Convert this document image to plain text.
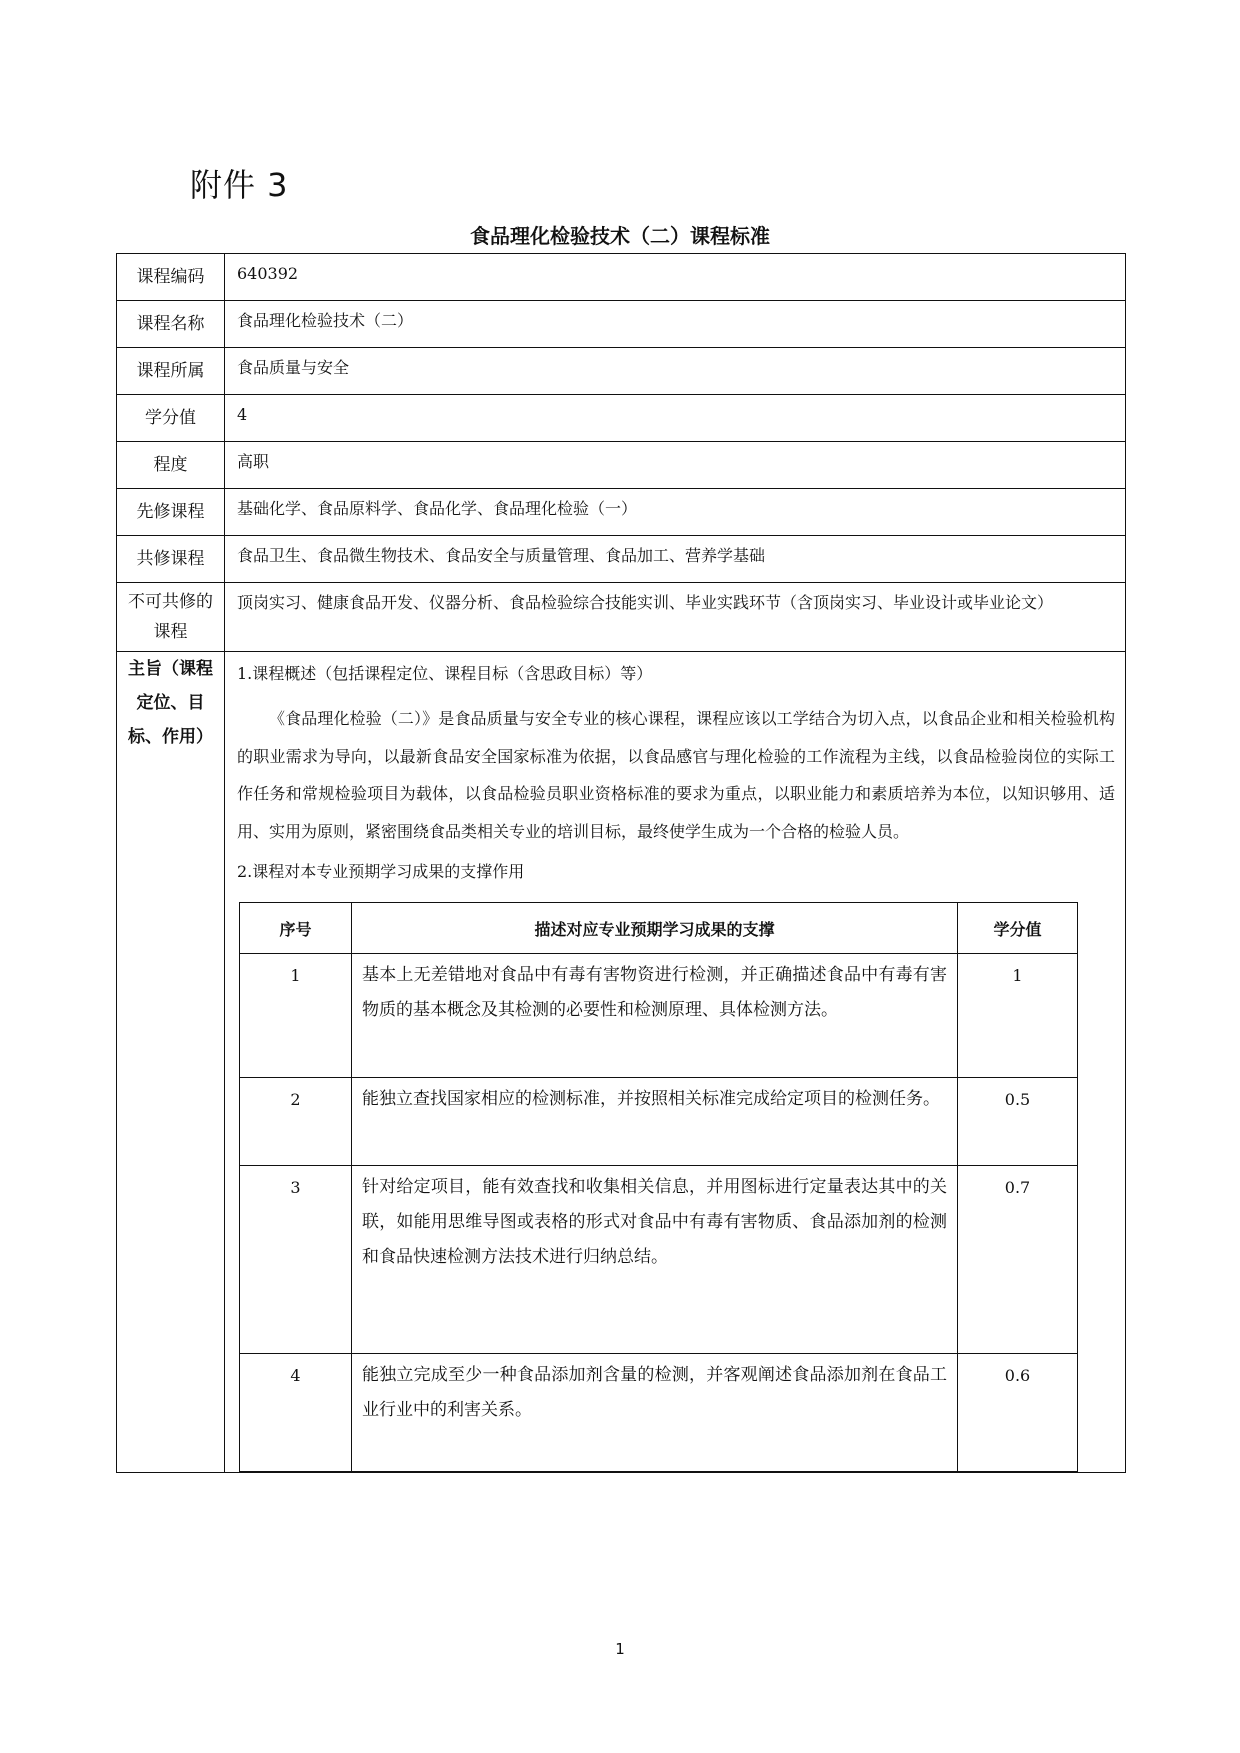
附件 3
食品理化检验技术（二）课程标准
课程编码	640392
课程名称	食品理化检验技术（二）
课程所属	食品质量与安全
学分值	4
程度	高职
先修课程	基础化学、食品原料学、食品化学、食品理化检验（一）
共修课程	食品卫生、食品微生物技术、食品安全与质量管理、食品加工、营养学基础
不可共修的课程	顶岗实习、健康食品开发、仪器分析、食品检验综合技能实训、毕业实践环节（含顶岗实习、毕业设计或毕业论文）
主旨（课程定位、目标、作用）	
1.课程概述（包括课程定位、课程目标（含思政目标）等）

《食品理化检验（二）》是食品质量与安全专业的核心课程，课程应该以工学结合为切入点，以食品企业和相关检验机构的职业需求为导向，以最新食品安全国家标准为依据，以食品感官与理化检验的工作流程为主线，以食品检验岗位的实际工作任务和常规检验项目为载体，以食品检验员职业资格标准的要求为重点，以职业能力和素质培养为本位，以知识够用、适用、实用为原则，紧密围绕食品类相关专业的培训目标，最终使学生成为一个合格的检验人员。

2.课程对本专业预期学习成果的支撑作用
序号	描述对应专业预期学习成果的支撑	学分值
1	基本上无差错地对食品中有毒有害物资进行检测，并正确描述食品中有毒有害物质的基本概念及其检测的必要性和检测原理、具体检测方法。	1
2	能独立查找国家相应的检测标准，并按照相关标准完成给定项目的检测任务。	0.5
3	针对给定项目，能有效查找和收集相关信息，并用图标进行定量表达其中的关联，如能用思维导图或表格的形式对食品中有毒有害物质、食品添加剂的检测和食品快速检测方法技术进行归纳总结。	0.7
4	能独立完成至少一种食品添加剂含量的检测，并客观阐述食品添加剂在食品工业行业中的利害关系。	0.6
1
